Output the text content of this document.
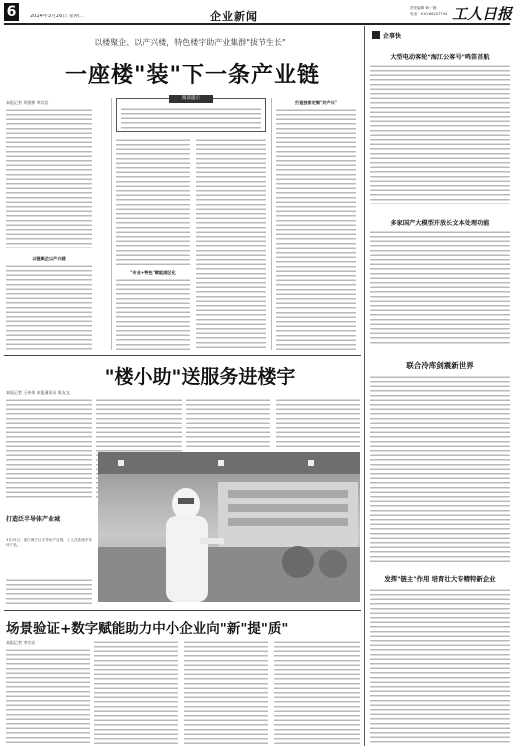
6	2024年3月26日 星期二	企业新闻
责任编辑 韩一静
电话：010-68207734 工人日报
以楼聚企、以产兴楼，特色楼宇助产业集群"拔节生长"
一座楼"装"下一条产业链
本报记者 刘建彬 李宗岩
以链聚企以产兴楼
阅读提示
"专业+特色"赋能园区化
打造独家定制"共产兴"
"楼小助"送服务进楼宇
本报记者 王伟伟 本报通讯员 陈友文
打造泛半导体产业城
3月25日，浙江海宁泛半导体产业城，工人在处理半导体产品。
场景验证+数字赋能助力中小企业向"新"提"质"
本报记者 李宗岩
企事快
大型电动客轮"海江公客号"鸣笛首航
多家国产大模型开放长文本处理功能
联合冷库剑震新世界
发挥"链主"作用 培育壮大专精特新企业
